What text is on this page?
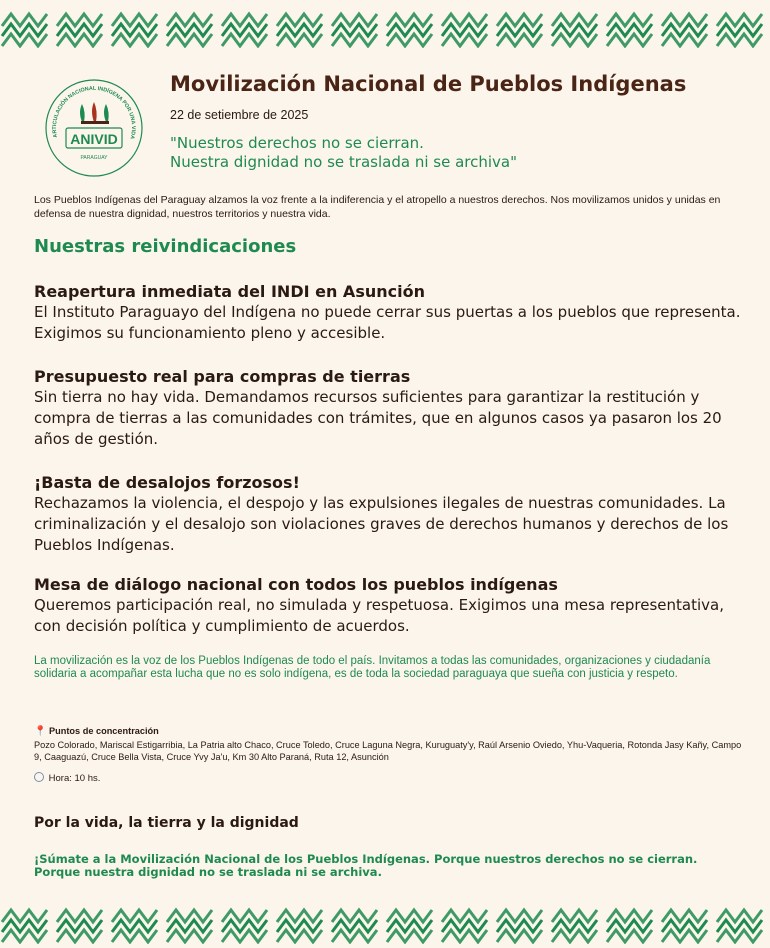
ARTICULACIÓN NACIONAL INDÍGENA POR UNA VIDA
ANIVID
PARAGUAY
Movilización Nacional de Pueblos Indígenas
22 de setiembre de 2025
"Nuestros derechos no se cierran.
Nuestra dignidad no se traslada ni se archiva"
Los Pueblos Indígenas del Paraguay alzamos la voz frente a la indiferencia y el atropello a nuestros derechos. Nos movilizamos unidos y unidas en defensa de nuestra dignidad, nuestros territorios y nuestra vida.
Nuestras reivindicaciones
Reapertura inmediata del INDI en Asunción
El Instituto Paraguayo del Indígena no puede cerrar sus puertas a los pueblos que representa. Exigimos su funcionamiento pleno y accesible.
Presupuesto real para compras de tierras
Sin tierra no hay vida. Demandamos recursos suficientes para garantizar la restitución y compra de tierras a las comunidades con trámites, que en algunos casos ya pasaron los 20 años de gestión.
¡Basta de desalojos forzosos!
Rechazamos la violencia, el despojo y las expulsiones ilegales de nuestras comunidades. La criminalización y el desalojo son violaciones graves de derechos humanos y derechos de los Pueblos Indígenas.
Mesa de diálogo nacional con todos los pueblos indígenas
Queremos participación real, no simulada y respetuosa. Exigimos una mesa representativa, con decisión política y cumplimiento de acuerdos.
La movilización es la voz de los Pueblos Indígenas de todo el país. Invitamos a todas las comunidades, organizaciones y ciudadanía solidaria a acompañar esta lucha que no es solo indígena, es de toda la sociedad paraguaya que sueña con justicia y respeto.
📍 Puntos de concentración
Pozo Colorado, Mariscal Estigarribia, La Patria alto Chaco, Cruce Toledo, Cruce Laguna Negra, Kuruguaty'y, Raúl Arsenio Oviedo, Yhu-Vaqueria, Rotonda Jasy Kañy, Campo 9, Caaguazú, Cruce Bella Vista, Cruce Yvy Ja'u, Km 30 Alto Paraná, Ruta 12, Asunción
Hora: 10 hs.
Por la vida, la tierra y la dignidad
¡Súmate a la Movilización Nacional de los Pueblos Indígenas. Porque nuestros derechos no se cierran. Porque nuestra dignidad no se traslada ni se archiva.
